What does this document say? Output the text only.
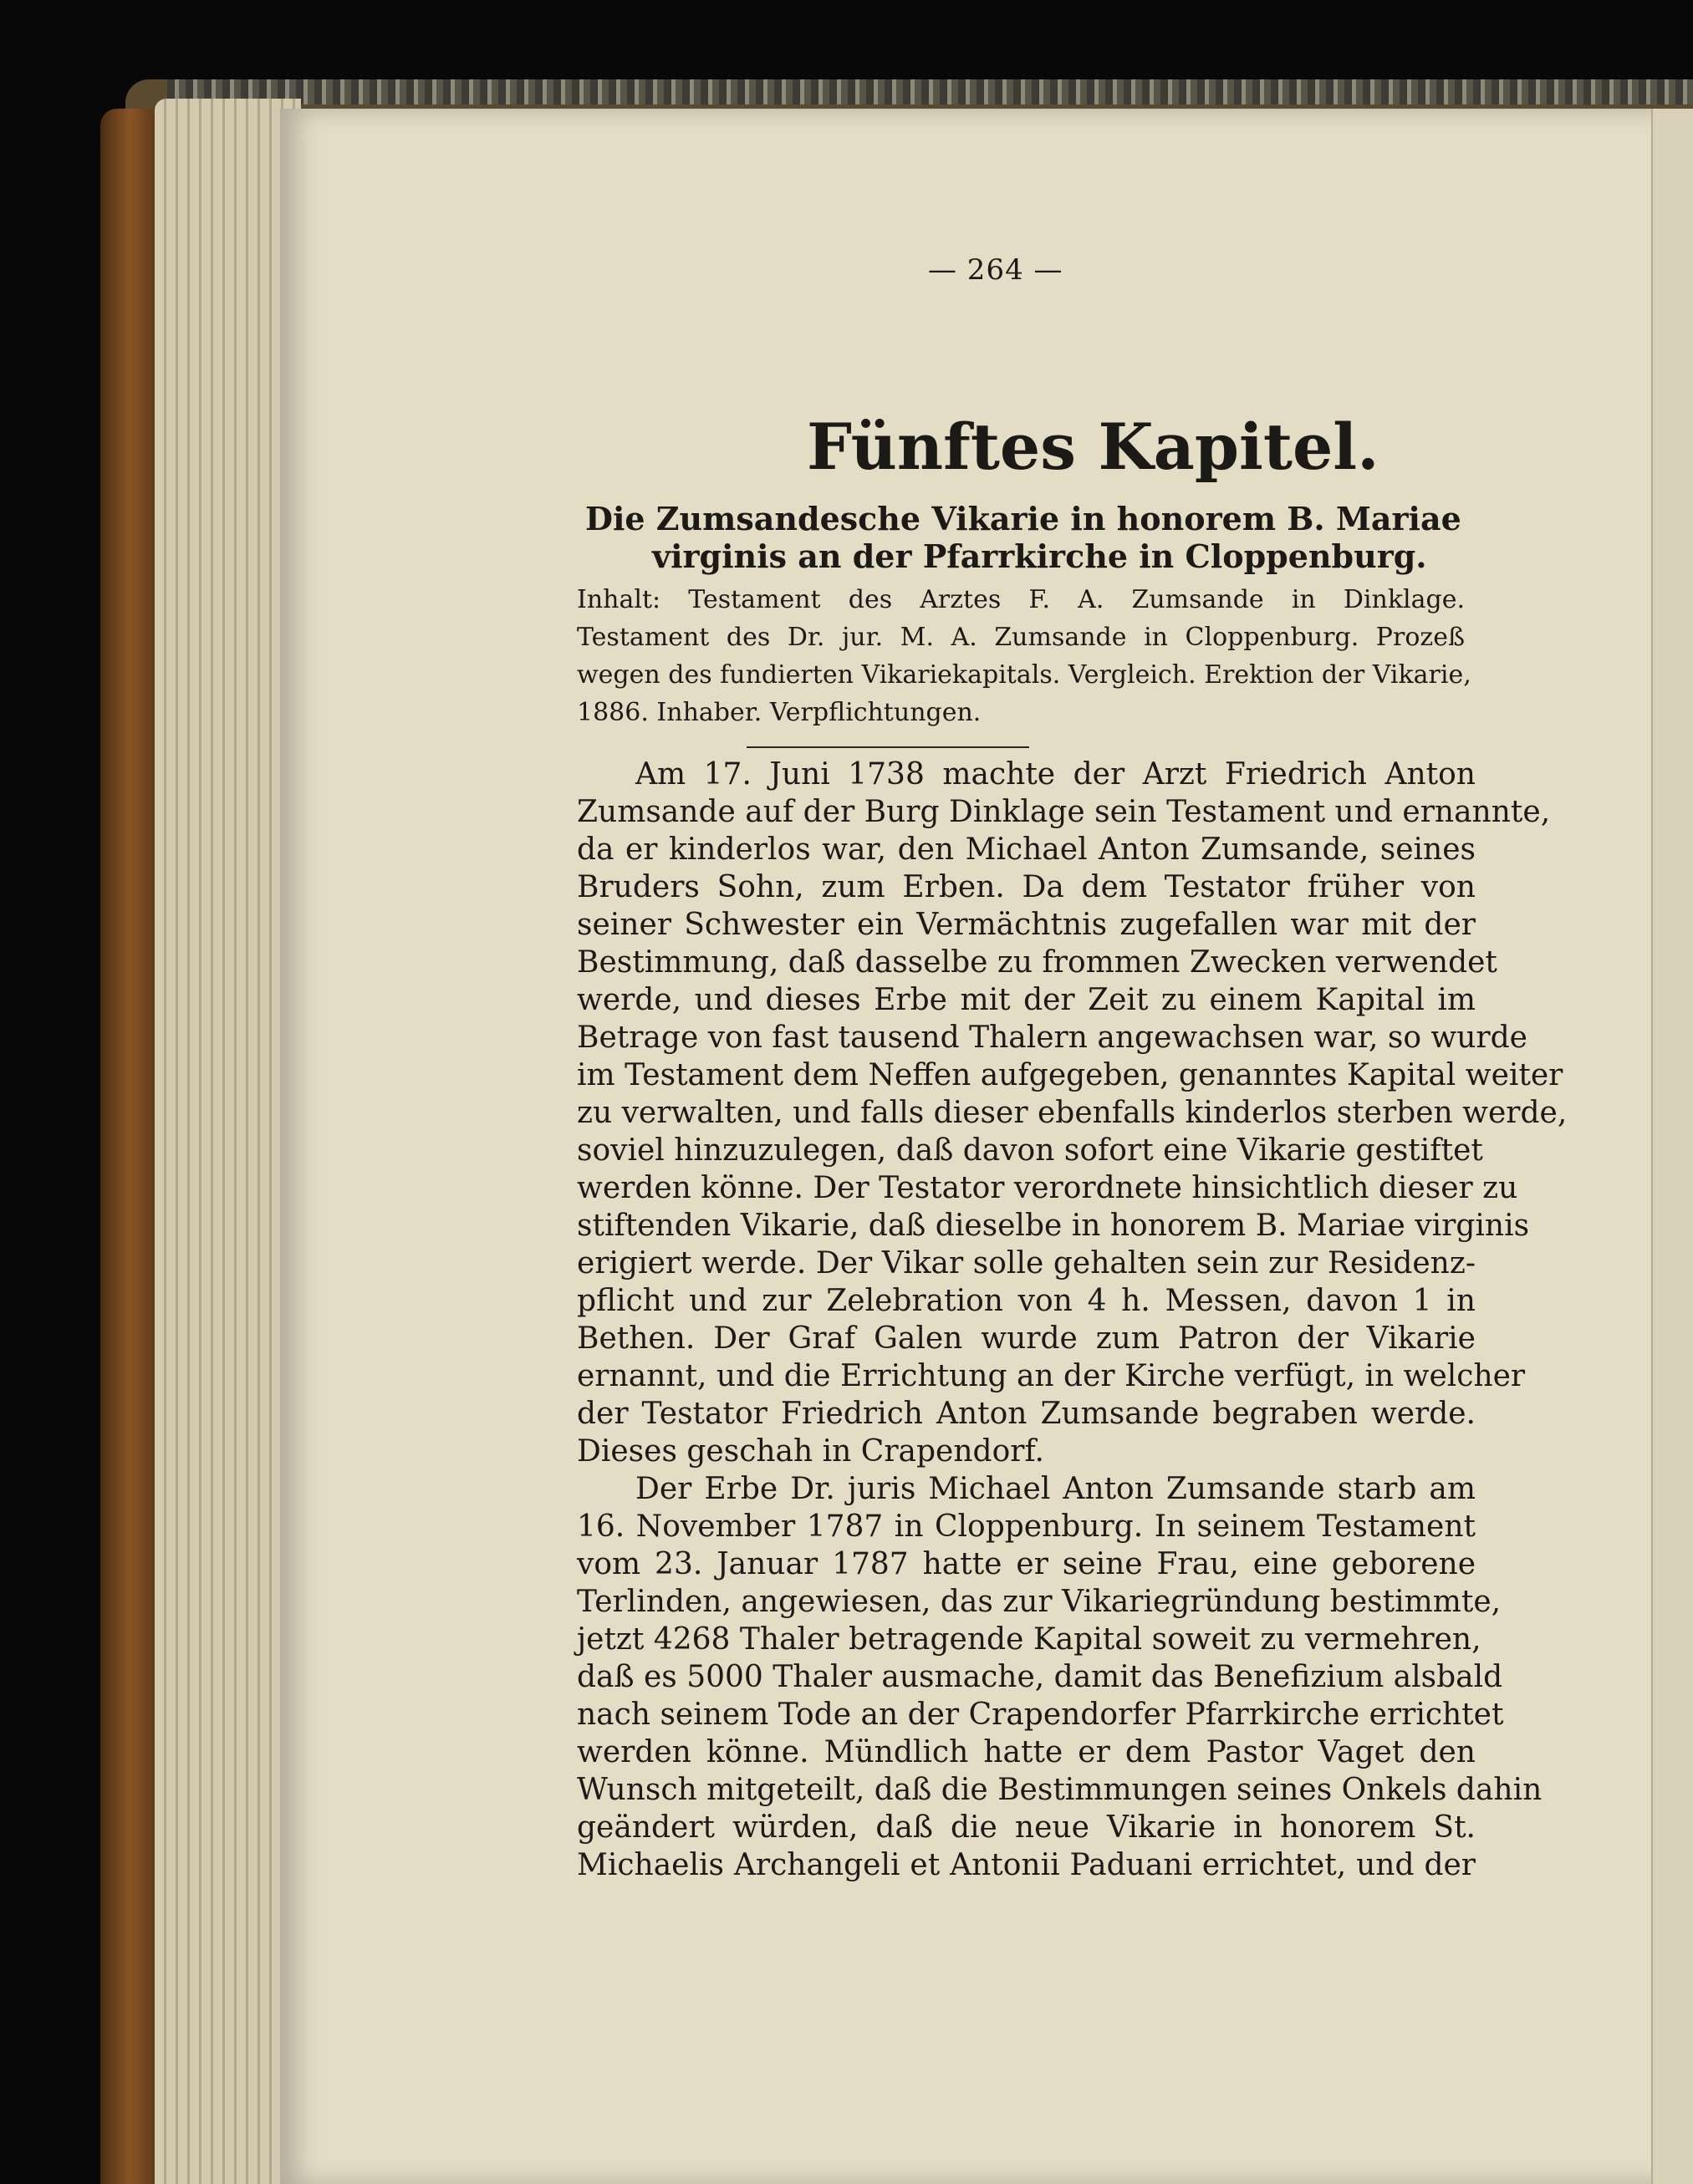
— 264 —

Fünftes Kapitel.

Die Zumsandesche Vikarie in honorem B. Mariae

virginis an der Pfarrkirche in Cloppenburg.

Inhalt: Testament des Arztes F. A. Zumsande in Dinklage.

Testament des Dr. jur. M. A. Zumsande in Cloppenburg. Prozeß

wegen des fundierten Vikariekapitals. Vergleich. Erektion der Vikarie,

1886. Inhaber. Verpflichtungen.

Am 17. Juni 1738 machte der Arzt Friedrich Anton

Zumsande auf der Burg Dinklage sein Testament und ernannte,

da er kinderlos war, den Michael Anton Zumsande, seines

Bruders Sohn, zum Erben. Da dem Testator früher von

seiner Schwester ein Vermächtnis zugefallen war mit der

Bestimmung, daß dasselbe zu frommen Zwecken verwendet

werde, und dieses Erbe mit der Zeit zu einem Kapital im

Betrage von fast tausend Thalern angewachsen war, so wurde

im Testament dem Neffen aufgegeben, genanntes Kapital weiter

zu verwalten, und falls dieser ebenfalls kinderlos sterben werde,

soviel hinzuzulegen, daß davon sofort eine Vikarie gestiftet

werden könne. Der Testator verordnete hinsichtlich dieser zu

stiftenden Vikarie, daß dieselbe in honorem B. Mariae virginis

erigiert werde. Der Vikar solle gehalten sein zur Residenz-

pflicht und zur Zelebration von 4 h. Messen, davon 1 in

Bethen. Der Graf Galen wurde zum Patron der Vikarie

ernannt, und die Errichtung an der Kirche verfügt, in welcher

der Testator Friedrich Anton Zumsande begraben werde.

Dieses geschah in Crapendorf.

Der Erbe Dr. juris Michael Anton Zumsande starb am

16. November 1787 in Cloppenburg. In seinem Testament

vom 23. Januar 1787 hatte er seine Frau, eine geborene

Terlinden, angewiesen, das zur Vikariegründung bestimmte,

jetzt 4268 Thaler betragende Kapital soweit zu vermehren,

daß es 5000 Thaler ausmache, damit das Benefizium alsbald

nach seinem Tode an der Crapendorfer Pfarrkirche errichtet

werden könne. Mündlich hatte er dem Pastor Vaget den

Wunsch mitgeteilt, daß die Bestimmungen seines Onkels dahin

geändert würden, daß die neue Vikarie in honorem St.

Michaelis Archangeli et Antonii Paduani errichtet, und der
